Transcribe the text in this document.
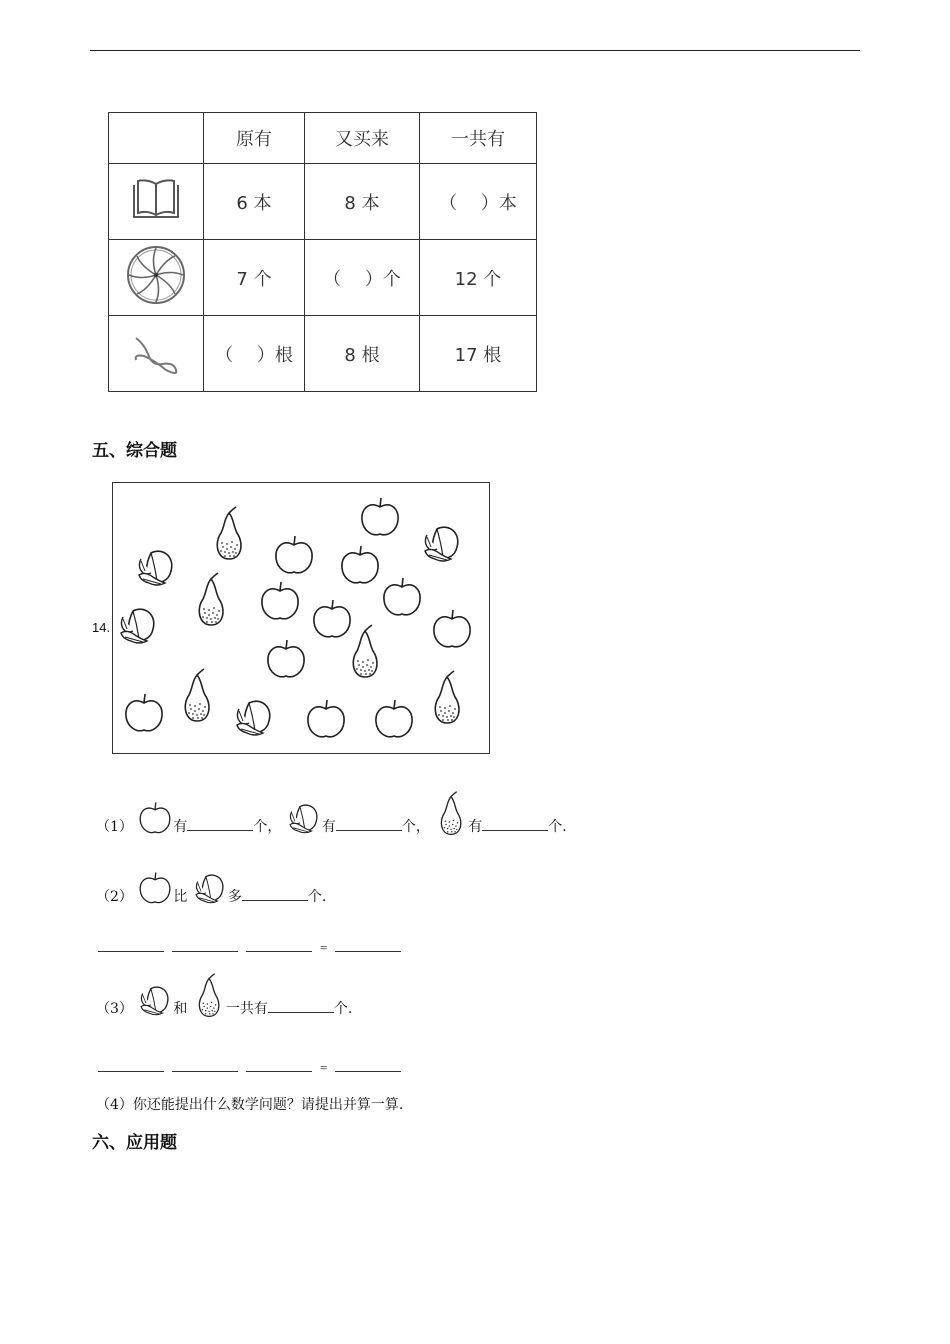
	原有	又买来	一共有
	6 本	8 本	（　 ）本
	7 个	（　 ）个	12 个
	（　 ）根	8 根	17 根
五、综合题
14.
（1）	有	个，	有	个，	有	个.
（2）	比	多	个.
=
（3）	和	一共有	个.
=
（4）你还能提出什么数学问题？请提出并算一算.
六、应用题
